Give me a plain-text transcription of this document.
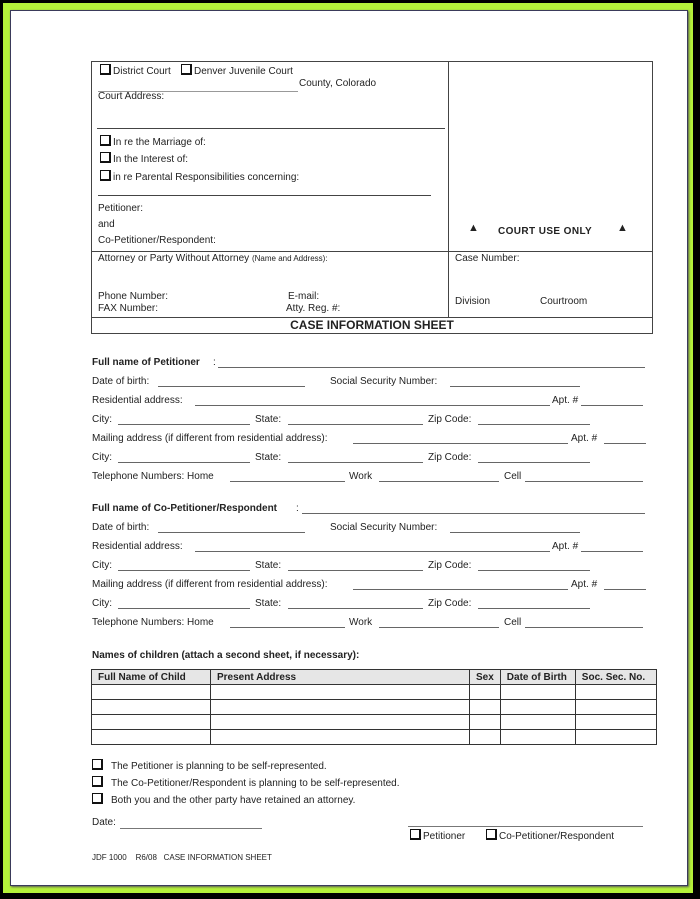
District Court	Denver Juvenile Court
County, Colorado
Court Address:
In re the Marriage of:
In the Interest of:
in re Parental Responsibilities concerning:
Petitioner:
and
Co-Petitioner/Respondent:
▲ COURT USE ONLY ▲
Attorney or Party Without Attorney (Name and Address):
Phone Number:
FAX Number:
E-mail:
Atty. Reg. #:
Case Number:
Division	Courtroom
CASE INFORMATION SHEET
Full name of Petitioner :
Date of birth:	Social Security Number:
Residential address:	Apt. #
City:	State:	Zip Code:
Mailing address (if different from residential address):	Apt. #
City:	State:	Zip Code:
Telephone Numbers: Home	Work	Cell
Full name of Co-Petitioner/Respondent :
Date of birth:	Social Security Number:
Residential address:	Apt. #
City:	State:	Zip Code:
Mailing address (if different from residential address):	Apt. #
City:	State:	Zip Code:
Telephone Numbers: Home	Work	Cell
Names of children (attach a second sheet, if necessary):
Full Name of Child	Present Address	Sex	Date of Birth	Soc. Sec. No.

The Petitioner is planning to be self-represented.
The Co-Petitioner/Respondent is planning to be self-represented.
Both you and the other party have retained an attorney.
Date:
Petitioner	Co-Petitioner/Respondent
JDF 1000    R6/08   CASE INFORMATION SHEET
